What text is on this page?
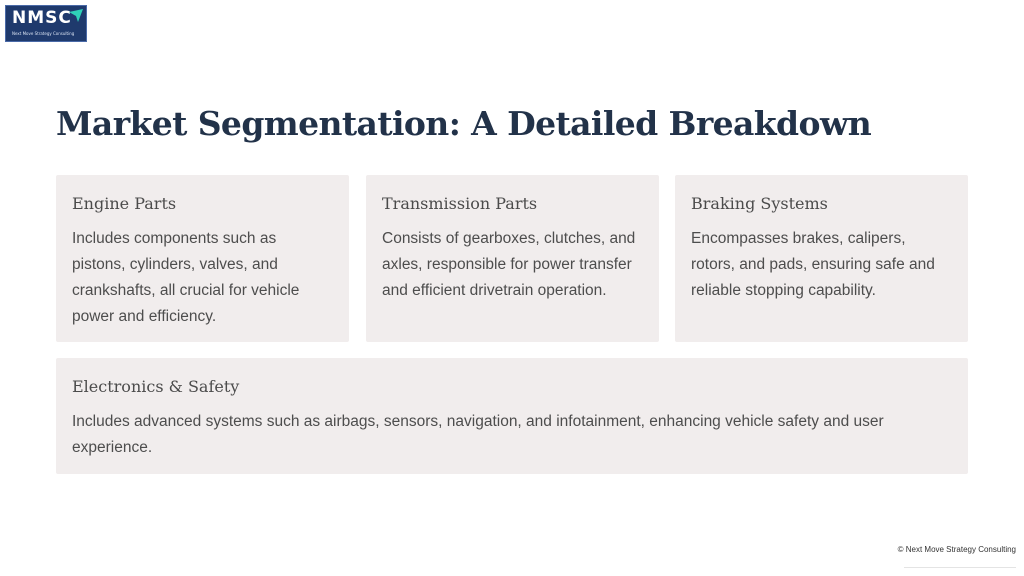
NMSC
Next Move Strategy Consulting
Market Segmentation: A Detailed Breakdown
Engine Parts
Includes components such as pistons, cylinders, valves, and crankshafts, all crucial for vehicle power and efficiency.
Transmission Parts
Consists of gearboxes, clutches, and axles, responsible for power transfer and efficient drivetrain operation.
Braking Systems
Encompasses brakes, calipers, rotors, and pads, ensuring safe and reliable stopping capability.
Electronics & Safety
Includes advanced systems such as airbags, sensors, navigation, and infotainment, enhancing vehicle safety and user experience.
© Next Move Strategy Consulting
